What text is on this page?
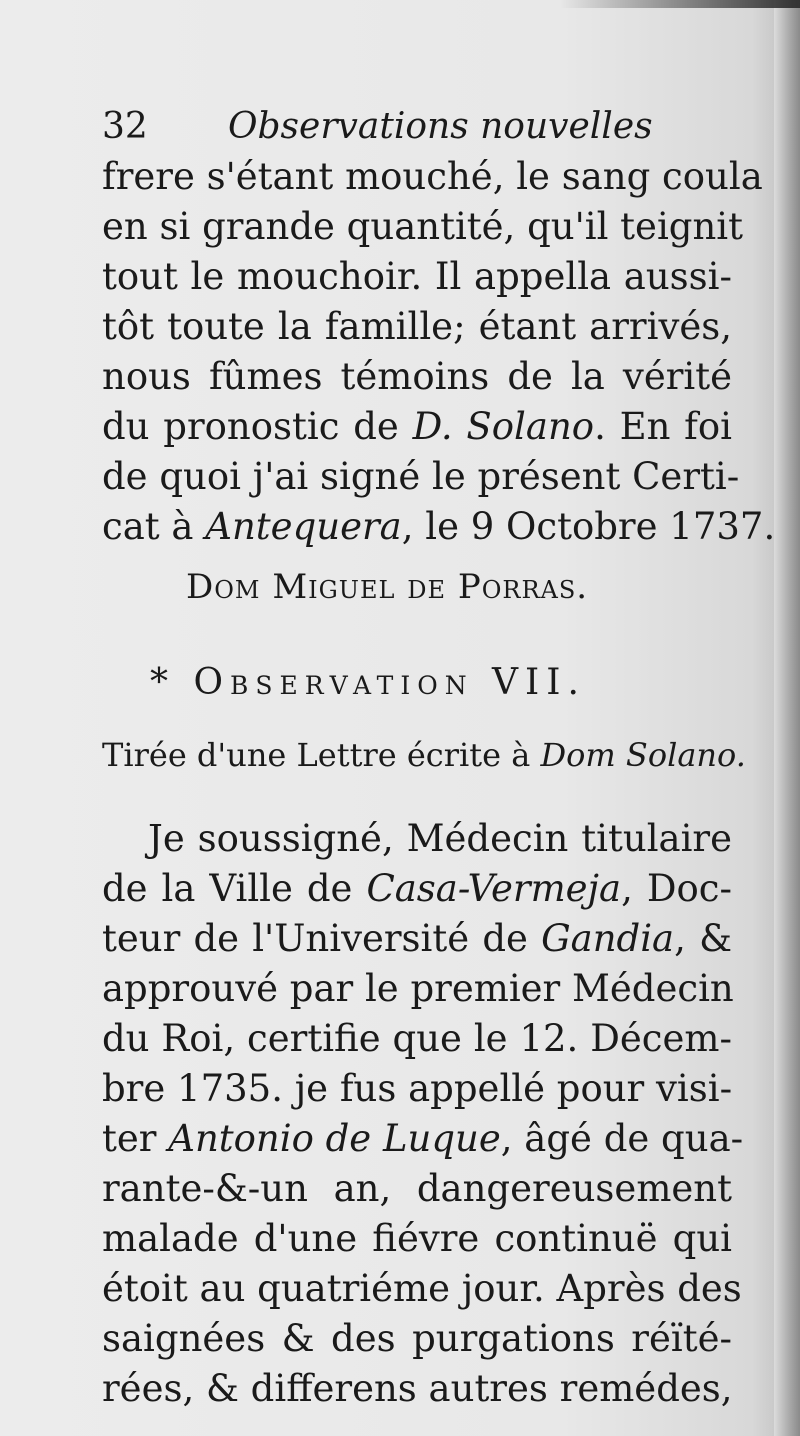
32 Observations nouvelles
frere s'étant mouché, le sang coula
en si grande quantité, qu'il teignit
tout le mouchoir. Il appella aussi-
tôt toute la famille; étant arrivés,
nous fûmes témoins de la vérité
du pronostic de D. Solano. En foi
de quoi j'ai signé le présent Certi-
cat à Antequera, le 9 Octobre 1737.
Dom Miguel de Porras.
* Observation VII.
Tirée d'une Lettre écrite à Dom Solano.
Je soussigné, Médecin titulaire
de la Ville de Casa-Vermeja, Doc-
teur de l'Université de Gandia, &
approuvé par le premier Médecin
du Roi, certifie que le 12. Décem-
bre 1735. je fus appellé pour visi-
ter Antonio de Luque, âgé de qua-
rante-&-un an, dangereusement
malade d'une fiévre continuë qui
étoit au quatriéme jour. Après des
saignées & des purgations réïté-
rées, & differens autres remédes,
